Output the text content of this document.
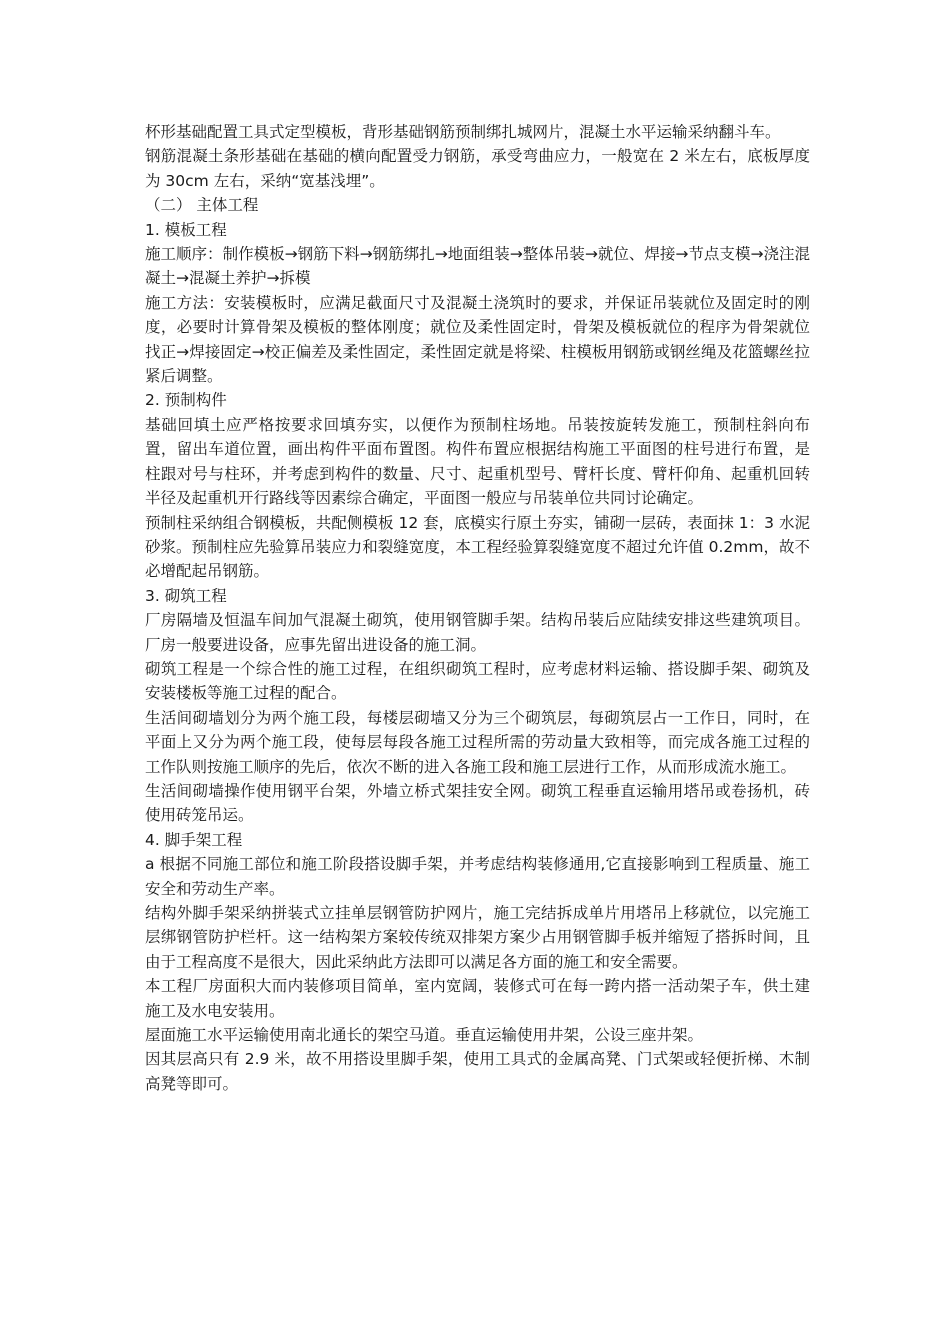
杯形基础配置工具式定型模板，背形基础钢筋预制绑扎城网片，混凝土水平运输采纳翻斗车。

钢筋混凝土条形基础在基础的横向配置受力钢筋，承受弯曲应力，一般宽在 2 米左右，底板厚度为 30cm 左右，采纳“宽基浅埋”。

（二） 主体工程

1. 模板工程

施工顺序：制作模板→钢筋下料→钢筋绑扎→地面组装→整体吊装→就位、焊接→节点支模→浇注混凝土→混凝土养护→拆模

施工方法：安装模板时，应满足截面尺寸及混凝土浇筑时的要求，并保证吊装就位及固定时的刚度，必要时计算骨架及模板的整体刚度；就位及柔性固定时，骨架及模板就位的程序为骨架就位找正→焊接固定→校正偏差及柔性固定，柔性固定就是将梁、柱模板用钢筋或钢丝绳及花篮螺丝拉紧后调整。

2. 预制构件

基础回填土应严格按要求回填夯实，以便作为预制柱场地。吊装按旋转发施工，预制柱斜向布置，留出车道位置，画出构件平面布置图。构件布置应根据结构施工平面图的柱号进行布置，是柱跟对号与柱环，并考虑到构件的数量、尺寸、起重机型号、臂杆长度、臂杆仰角、起重机回转半径及起重机开行路线等因素综合确定，平面图一般应与吊装单位共同讨论确定。

预制柱采纳组合钢模板，共配侧模板 12 套，底模实行原土夯实，铺砌一层砖，表面抹 1：3 水泥砂浆。预制柱应先验算吊装应力和裂缝宽度，本工程经验算裂缝宽度不超过允许值 0.2mm，故不必增配起吊钢筋。

3. 砌筑工程

厂房隔墙及恒温车间加气混凝土砌筑，使用钢管脚手架。结构吊装后应陆续安排这些建筑项目。厂房一般要进设备，应事先留出进设备的施工洞。

砌筑工程是一个综合性的施工过程，在组织砌筑工程时，应考虑材料运输、搭设脚手架、砌筑及安装楼板等施工过程的配合。

生活间砌墙划分为两个施工段，每楼层砌墙又分为三个砌筑层，每砌筑层占一工作日，同时，在平面上又分为两个施工段，使每层每段各施工过程所需的劳动量大致相等，而完成各施工过程的工作队则按施工顺序的先后，依次不断的进入各施工段和施工层进行工作，从而形成流水施工。

生活间砌墙操作使用钢平台架，外墙立桥式架挂安全网。砌筑工程垂直运输用塔吊或卷扬机，砖使用砖笼吊运。

4. 脚手架工程

a 根据不同施工部位和施工阶段搭设脚手架，并考虑结构装修通用,它直接影响到工程质量、施工安全和劳动生产率。

结构外脚手架采纳拼装式立挂单层钢管防护网片，施工完结拆成单片用塔吊上移就位，以完施工层绑钢管防护栏杆。这一结构架方案较传统双排架方案少占用钢管脚手板并缩短了搭拆时间，且由于工程高度不是很大，因此采纳此方法即可以满足各方面的施工和安全需要。

本工程厂房面积大而内装修项目简单，室内宽阔，装修式可在每一跨内搭一活动架子车，供土建施工及水电安装用。

屋面施工水平运输使用南北通长的架空马道。垂直运输使用井架，公设三座井架。

因其层高只有 2.9 米，故不用搭设里脚手架，使用工具式的金属高凳、门式架或轻便折梯、木制高凳等即可。
